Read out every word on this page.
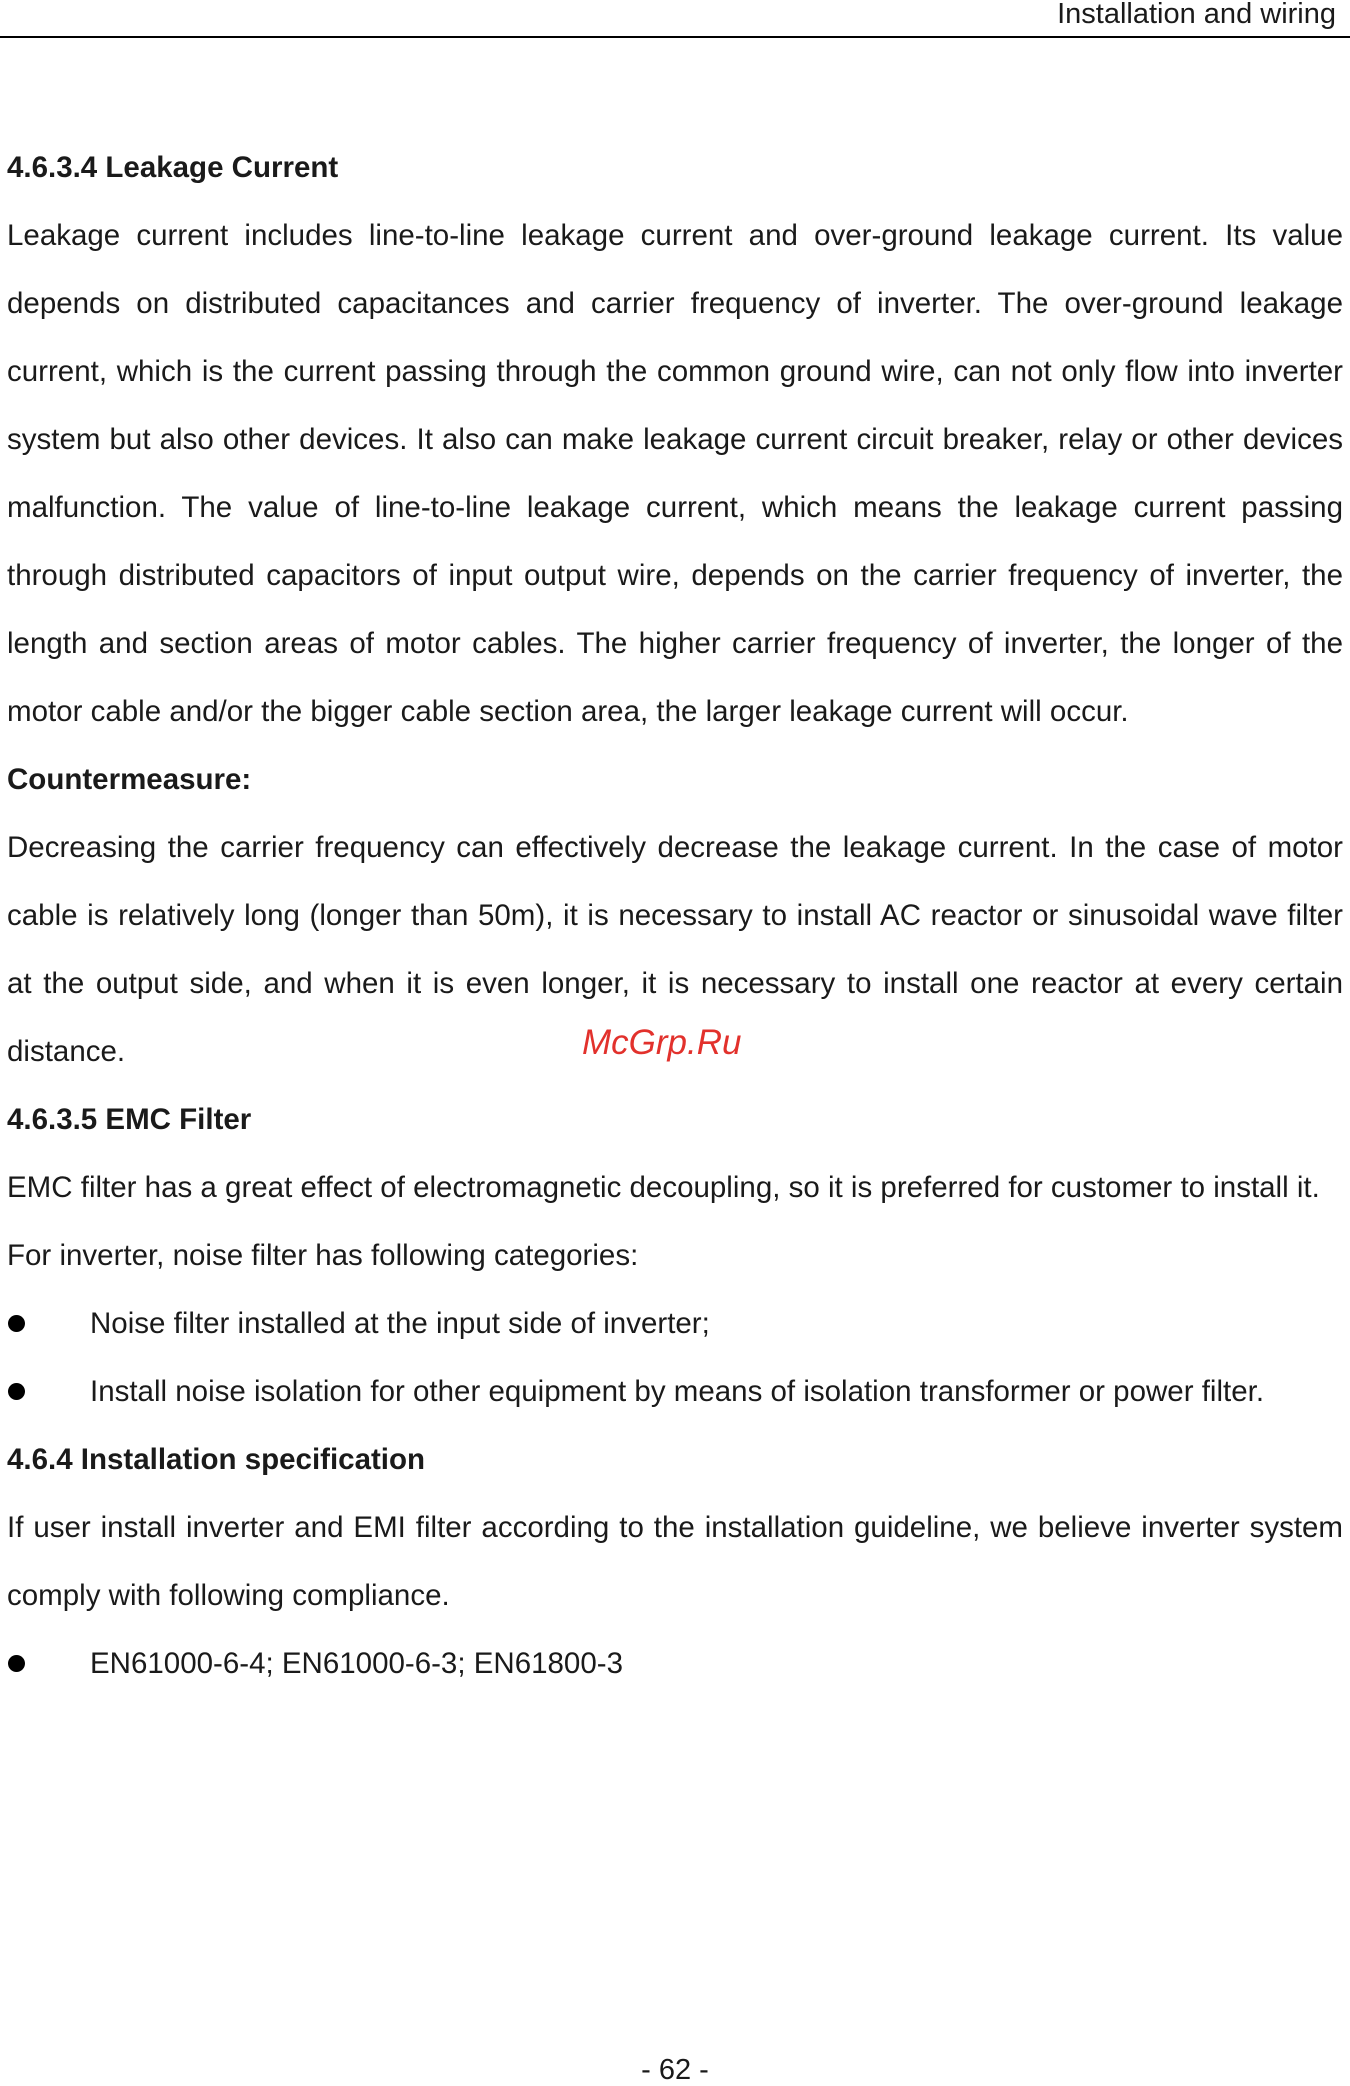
Installation and wiring

4.6.3.4 Leakage Current

Leakage current includes line-to-line leakage current and over-ground leakage current. Its value depends on distributed capacitances and carrier frequency of inverter. The over-ground leakage current, which is the current passing through the common ground wire, can not only flow into inverter system but also other devices. It also can make leakage current circuit breaker, relay or other devices malfunction. The value of line-to-line leakage current, which means the leakage current passing through distributed capacitors of input output wire, depends on the carrier frequency of inverter, the length and section areas of motor cables. The higher carrier frequency of inverter, the longer of the motor cable and/or the bigger cable section area, the larger leakage current will occur.

Countermeasure:

Decreasing the carrier frequency can effectively decrease the leakage current. In the case of motor cable is relatively long (longer than 50m), it is necessary to install AC reactor or sinusoidal wave filter at the output side, and when it is even longer, it is necessary to install one reactor at every certain distance.

4.6.3.5 EMC Filter

EMC filter has a great effect of electromagnetic decoupling, so it is preferred for customer to install it.

For inverter, noise filter has following categories:

Noise filter installed at the input side of inverter;
Install noise isolation for other equipment by means of isolation transformer or power filter.

4.6.4 Installation specification

If user install inverter and EMI filter according to the installation guideline, we believe inverter system comply with following compliance.

EN61000-6-4; EN61000-6-3; EN61800-3
McGrp.Ru
- 62 -
